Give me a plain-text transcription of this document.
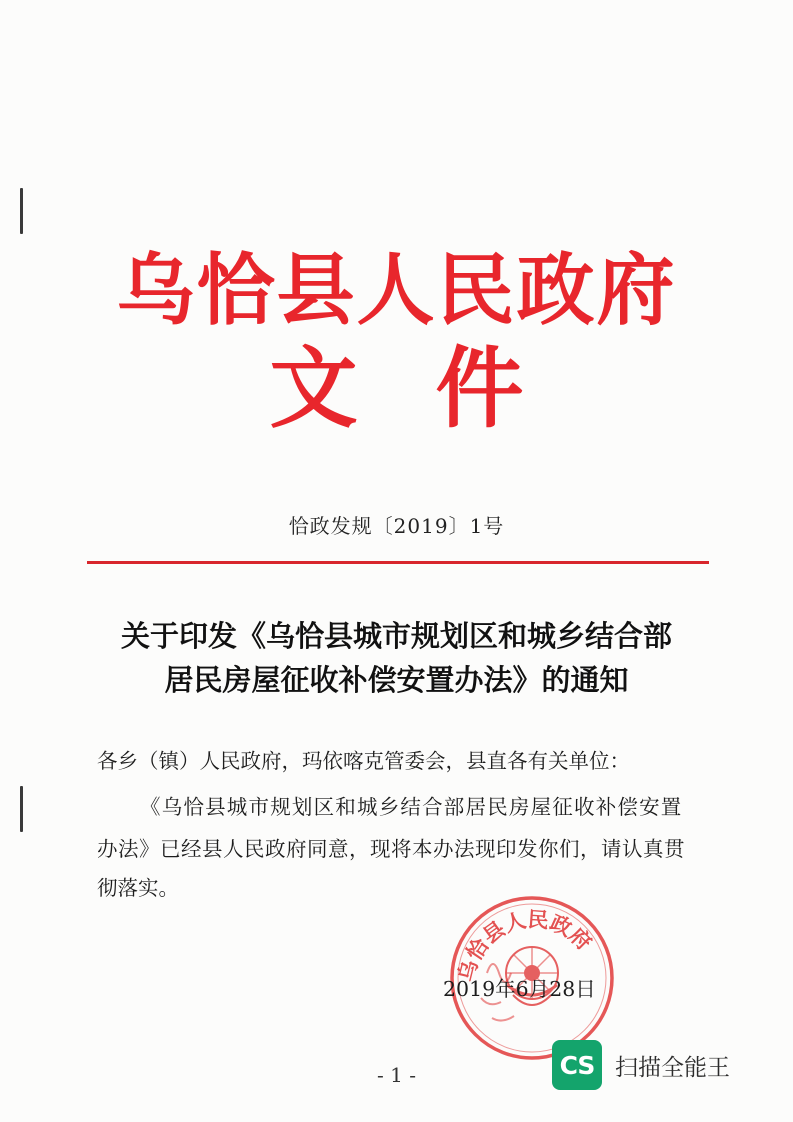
乌恰县人民政府
文件
恰政发规〔2019〕1号
关于印发《乌恰县城市规划区和城乡结合部
居民房屋征收补偿安置办法》的通知
各乡（镇）人民政府，玛依喀克管委会，县直各有关单位：
《乌恰县城市规划区和城乡结合部居民房屋征收补偿安置
办法》已经县人民政府同意，现将本办法现印发你们，请认真贯
彻落实。
乌恰县人民政府
2019年6月28日
- 1 -	CS 扫描全能王
